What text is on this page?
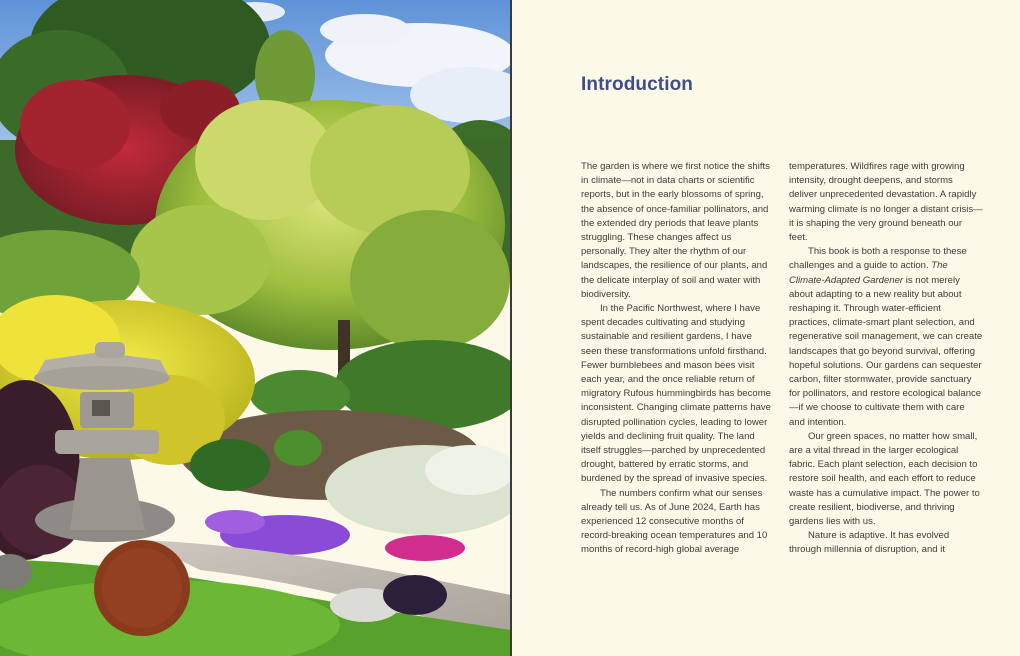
Introduction

The garden is where we first notice the shifts in climate—not in data charts or scientific reports, but in the early blossoms of spring, the absence of once-familiar pollinators, and the extended dry periods that leave plants struggling. These changes affect us personally. They alter the rhythm of our landscapes, the resilience of our plants, and the delicate interplay of soil and water with biodiversity.

In the Pacific Northwest, where I have spent decades cultivating and studying sustainable and resilient gardens, I have seen these transformations unfold firsthand. Fewer bumblebees and mason bees visit each year, and the once reliable return of migratory Rufous hummingbirds has become inconsistent. Changing climate patterns have disrupted pollination cycles, leading to lower yields and declining fruit quality. The land itself struggles—parched by unprecedented drought, battered by erratic storms, and burdened by the spread of invasive species.

The numbers confirm what our senses already tell us. As of June 2024, Earth has experienced 12 consecutive months of record-breaking ocean temperatures and 10 months of record-high global average

temperatures. Wildfires rage with growing intensity, drought deepens, and storms deliver unprecedented devastation. A rapidly warming climate is no longer a distant crisis—it is shaping the very ground beneath our feet.

This book is both a response to these challenges and a guide to action. The Climate-Adapted Gardener is not merely about adapting to a new reality but about reshaping it. Through water-efficient practices, climate-smart plant selection, and regenerative soil management, we can create landscapes that go beyond survival, offering hopeful solutions. Our gardens can sequester carbon, filter stormwater, provide sanctuary for pollinators, and restore ecological balance—if we choose to cultivate them with care and intention.

Our green spaces, no matter how small, are a vital thread in the larger ecological fabric. Each plant selection, each decision to restore soil health, and each effort to reduce waste has a cumulative impact. The power to create resilient, biodiverse, and thriving gardens lies with us.

Nature is adaptive. It has evolved through millennia of disruption, and it
